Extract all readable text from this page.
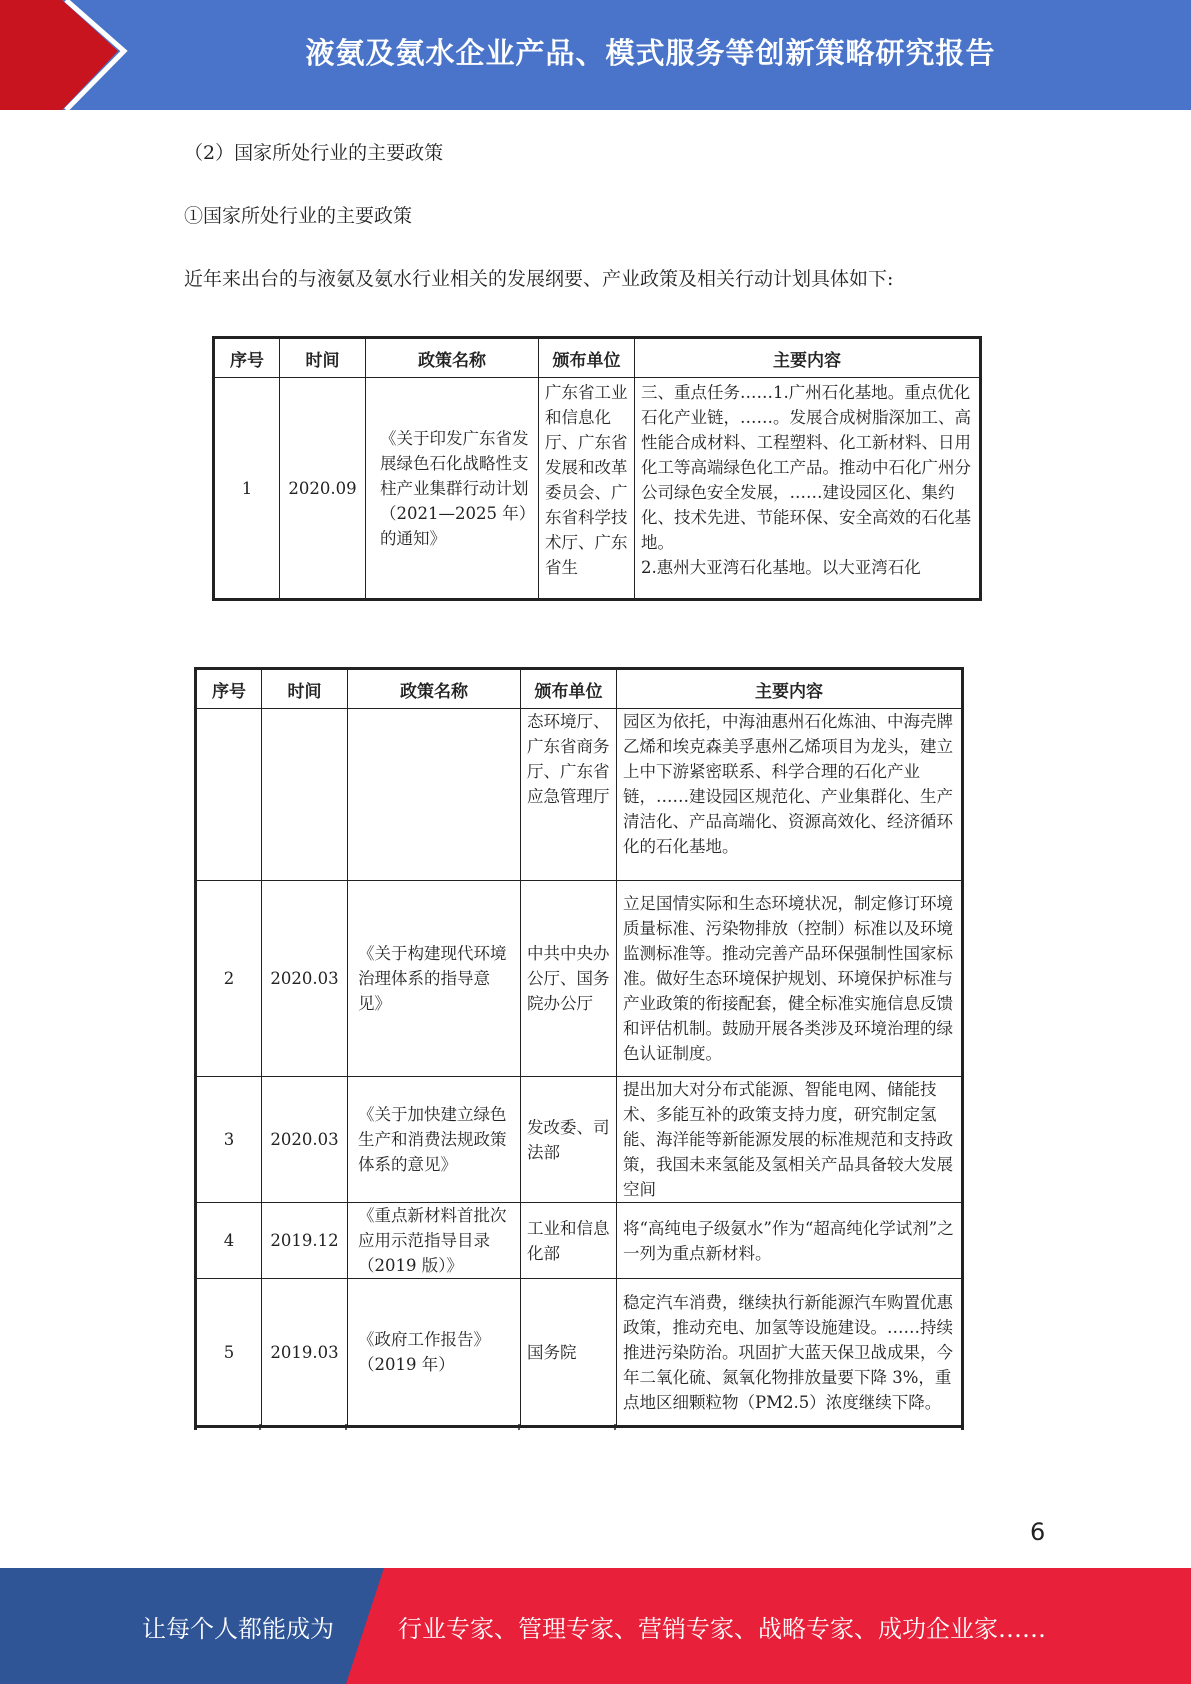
液氨及氨水企业产品、模式服务等创新策略研究报告
（2）国家所处行业的主要政策
①国家所处行业的主要政策
近年来出台的与液氨及氨水行业相关的发展纲要、产业政策及相关行动计划具体如下:
序号	时间	政策名称	颁布单位	主要内容
1	2020.09	《关于印发广东省发展绿色石化战略性支柱产业集群行动计划（2021—2025 年）的通知》	广东省工业和信息化厅、广东省发展和改革委员会、广东省科学技术厅、广东省生	三、重点任务……1.广州石化基地。重点优化石化产业链，……。发展合成树脂深加工、高性能合成材料、工程塑料、化工新材料、日用化工等高端绿色化工产品。推动中石化广州分公司绿色安全发展，……建设园区化、集约化、技术先进、节能环保、安全高效的石化基地。
2.惠州大亚湾石化基地。以大亚湾石化
序号	时间	政策名称	颁布单位	主要内容
			态环境厅、广东省商务厅、广东省应急管理厅	园区为依托，中海油惠州石化炼油、中海壳牌乙烯和埃克森美孚惠州乙烯项目为龙头，建立上中下游紧密联系、科学合理的石化产业链，……建设园区规范化、产业集群化、生产清洁化、产品高端化、资源高效化、经济循环化的石化基地。
2	2020.03	《关于构建现代环境治理体系的指导意见》	中共中央办公厅、国务院办公厅	立足国情实际和生态环境状况，制定修订环境质量标准、污染物排放（控制）标准以及环境监测标准等。推动完善产品环保强制性国家标准。做好生态环境保护规划、环境保护标准与产业政策的衔接配套，健全标准实施信息反馈和评估机制。鼓励开展各类涉及环境治理的绿色认证制度。
3	2020.03	《关于加快建立绿色生产和消费法规政策体系的意见》	发改委、司法部	提出加大对分布式能源、智能电网、储能技术、多能互补的政策支持力度，研究制定氢能、海洋能等新能源发展的标准规范和支持政策，我国未来氢能及氢相关产品具备较大发展空间
4	2019.12	《重点新材料首批次应用示范指导目录（2019 版）》	工业和信息化部	将“高纯电子级氨水”作为“超高纯化学试剂”之一列为重点新材料。
5	2019.03	《政府工作报告》（2019 年）	国务院	稳定汽车消费，继续执行新能源汽车购置优惠政策，推动充电、加氢等设施建设。……持续推进污染防治。巩固扩大蓝天保卫战成果，今年二氧化硫、氮氧化物排放量要下降 3%，重点地区细颗粒物（PM2.5）浓度继续下降。
6
让每个人都能成为	行业专家、管理专家、营销专家、战略专家、成功企业家……
